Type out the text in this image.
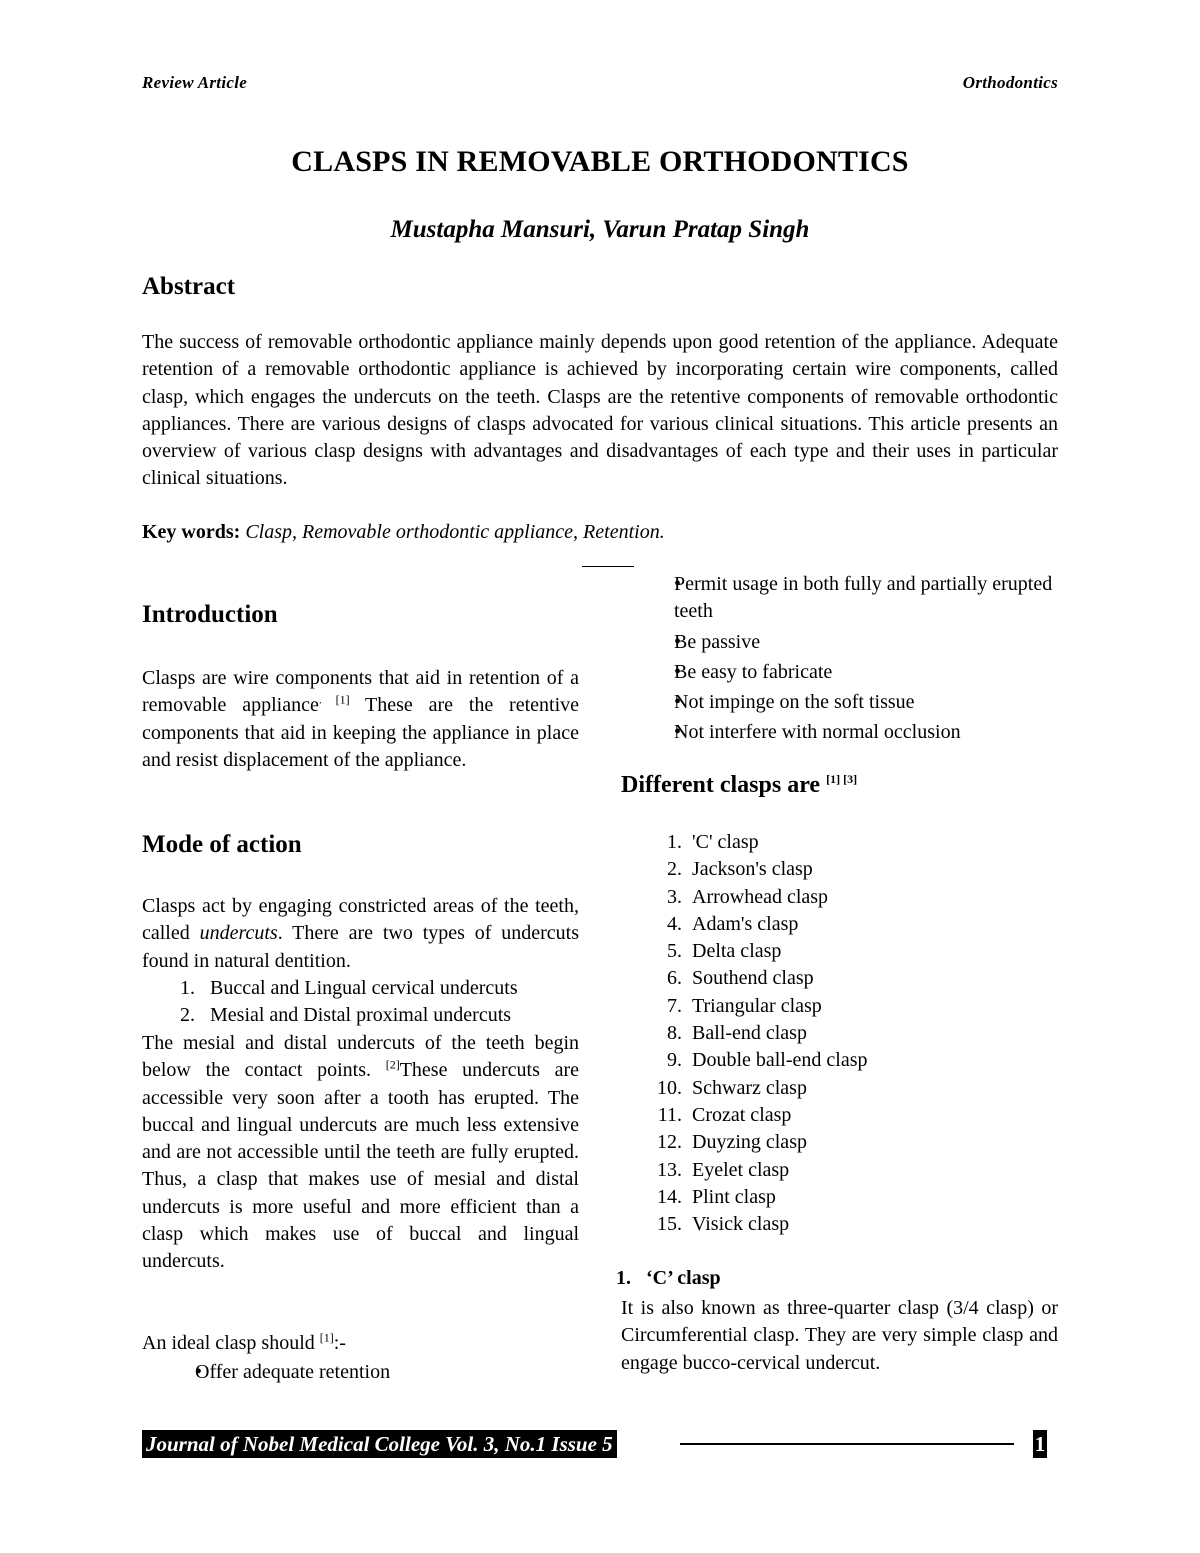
Review Article	Orthodontics
CLASPS IN REMOVABLE ORTHODONTICS
Mustapha Mansuri, Varun Pratap Singh
Abstract
The success of removable orthodontic appliance mainly depends upon good retention of the appliance. Adequate retention of a removable orthodontic appliance is achieved by incorporating certain wire components, called clasp, which engages the undercuts on the teeth. Clasps are the retentive components of removable orthodontic appliances. There are various designs of clasps advocated for various clinical situations. This article presents an overview of various clasp designs with advantages and disadvantages of each type and their uses in particular clinical situations.
Key words: Clasp, Removable orthodontic appliance, Retention.
Introduction
Clasps are wire components that aid in retention of a removable appliance$^{. [1]}$ These are the retentive components that aid in keeping the appliance in place and resist displacement of the appliance.
Mode of action
Clasps act by engaging constricted areas of the teeth, called undercuts. There are two types of undercuts found in natural dentition.
1. Buccal and Lingual cervical undercuts
2. Mesial and Distal proximal undercuts
The mesial and distal undercuts of the teeth begin below the contact points. [2]These undercuts are accessible very soon after a tooth has erupted. The buccal and lingual undercuts are much less extensive and are not accessible until the teeth are fully erupted. Thus, a clasp that makes use of mesial and distal undercuts is more useful and more efficient than a clasp which makes use of buccal and lingual undercuts.
An ideal clasp should [1]:-
• Offer adequate retention
• Permit usage in both fully and partially erupted teeth
• Be passive
• Be easy to fabricate
• Not impinge on the soft tissue
• Not interfere with normal occlusion
Different clasps are [1] [3]
1. 'C' clasp
2. Jackson's clasp
3. Arrowhead clasp
4. Adam's clasp
5. Delta clasp
6. Southend clasp
7. Triangular clasp
8. Ball-end clasp
9. Double ball-end clasp
10. Schwarz clasp
11. Crozat clasp
12. Duyzing clasp
13. Eyelet clasp
14. Plint clasp
15. Visick clasp
1.   ‘C’ clasp
It is also known as three-quarter clasp (3/4 clasp) or Circumferential clasp. They are very simple clasp and engage bucco-cervical undercut.
Journal of Nobel Medical College Vol. 3, No.1 Issue 5	1
